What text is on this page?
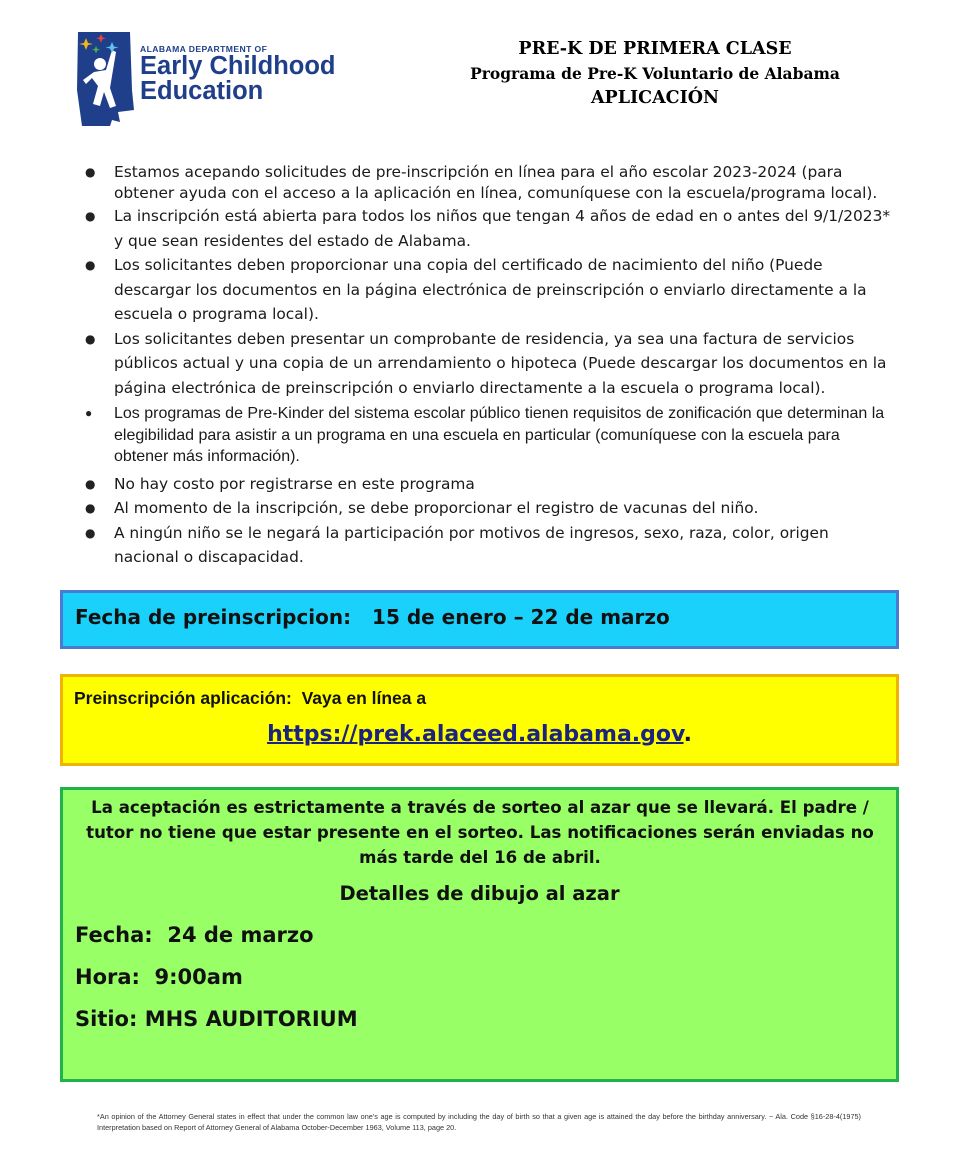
ALABAMA DEPARTMENT OF
Early Childhood
Education
PRE-K DE PRIMERA CLASE
Programa de Pre-K Voluntario de Alabama
APLICACIÓN
● Estamos acepando solicitudes de pre-inscripción en línea para el año escolar 2023-2024 (para obtener ayuda con el acceso a la aplicación en línea, comuníquese con la escuela/programa local).
● La inscripción está abierta para todos los niños que tengan 4 años de edad en o antes del 9/1/2023* y que sean residentes del estado de Alabama.
● Los solicitantes deben proporcionar una copia del certificado de nacimiento del niño (Puede descargar los documentos en la página electrónica de preinscripción o enviarlo directamente a la escuela o programa local).
● Los solicitantes deben presentar un comprobante de residencia, ya sea una factura de servicios públicos actual y una copia de un arrendamiento o hipoteca (Puede descargar los documentos en la página electrónica de preinscripción o enviarlo directamente a la escuela o programa local).
● Los programas de Pre-Kinder del sistema escolar público tienen requisitos de zonificación que determinan la elegibilidad para asistir a un programa en una escuela en particular (comuníquese con la escuela para obtener más información).
● No hay costo por registrarse en este programa
● Al momento de la inscripción, se debe proporcionar el registro de vacunas del niño.
● A ningún niño se le negará la participación por motivos de ingresos, sexo, raza, color, origen nacional o discapacidad.
Fecha de preinscripcion:   15 de enero – 22 de marzo
Preinscripción aplicación:  Vaya en línea a
https://prek.alaceed.alabama.gov.
La aceptación es estrictamente a través de sorteo al azar que se llevará. El padre / tutor no tiene que estar presente en el sorteo. Las notificaciones serán enviadas no más tarde del 16 de abril.
Detalles de dibujo al azar
Fecha:  24 de marzo
Hora:  9:00am
Sitio: MHS AUDITORIUM
*An opinion of the Attorney General states in effect that under the common law one's age is computed by including the day of birth so that a given age is attained the day before the birthday anniversary. ~ Ala. Code §16-28-4(1975) Interpretation based on Report of Attorney General of Alabama October-December 1963, Volume 113, page 20.
